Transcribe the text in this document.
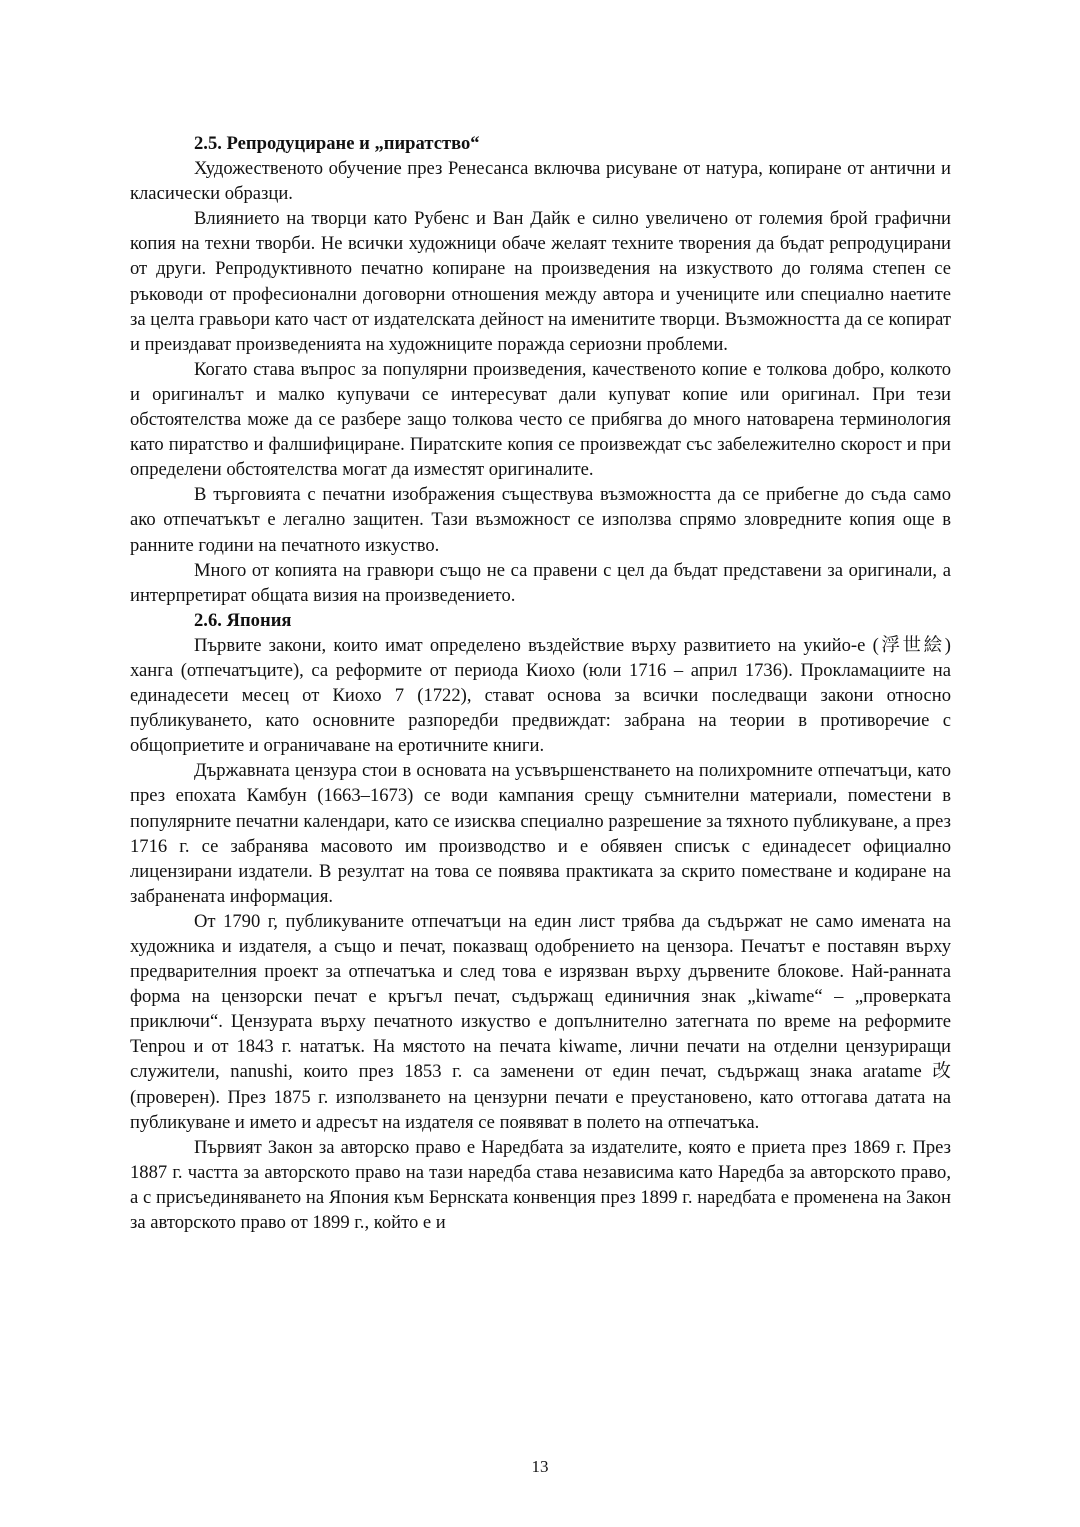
2.5. Репродуциране и „пиратство“

Художественото обучение през Ренесанса включва рисуване от натура, копиране от антични и класически образци.

Влиянието на творци като Рубенс и Ван Дайк е силно увеличено от големия брой графични копия на техни творби. Не всички художници обаче желаят техните творения да бъдат репродуцирани от други. Репродуктивното печатно копиране на произведения на изкуството до голяма степен се ръководи от професионални договорни отношения между автора и учениците или специално наетите за целта гравьори като част от издателската дейност на именитите творци. Възможността да се копират и преиздават произведенията на художниците поражда сериозни проблеми.

Когато става въпрос за популярни произведения, качественото копие е толкова добро, колкото и оригиналът и малко купувачи се интересуват дали купуват копие или оригинал. При тези обстоятелства може да се разбере защо толкова често се прибягва до много натоварена терминология като пиратство и фалшифициране. Пиратските копия се произвеждат със забележително скорост и при определени обстоятелства могат да изместят оригиналите.

В търговията с печатни изображения съществува възможността да се прибегне до съда само ако отпечатъкът е легално защитен. Тази възможност се използва спрямо зловредните копия още в ранните години на печатното изкуство.

Много от копията на гравюри също не са правени с цел да бъдат представени за оригинали, а интерпретират общата визия на произведението.

2.6. Япония

Първите закони, които имат определено въздействие върху развитието на укийо-е (浮世絵) ханга (отпечатъците), са реформите от периода Киохо (юли 1716 – април 1736). Прокламациите на единадесети месец от Киохо 7 (1722), стават основа за всички последващи закони относно публикуването, като основните разпоредби предвиждат: забрана на теории в противоречие с общоприетите и ограничаване на еротичните книги.

Държавната цензура стои в основата на усъвършенстването на полихромните отпечатъци, като през епохата Камбун (1663–1673) се води кампания срещу съмнителни материали, поместени в популярните печатни календари, като се изисква специално разрешение за тяхното публикуване, а през 1716 г. се забранява масовото им производство и е обявяен списък с единадесет официално лицензирани издатели. В резултат на това се появява практиката за скрито поместване и кодиране на забранената информация.

От 1790 г, публикуваните отпечатъци на един лист трябва да съдържат не само имената на художника и издателя, а също и печат, показващ одобрението на цензора. Печатът е поставян върху предварителния проект за отпечатъка и след това е изрязван върху дървените блокове. Най-ранната форма на цензорски печат е кръгъл печат, съдържащ единичния знак „kiwame“ – „проверката приключи“. Цензурата върху печатното изкуство е допълнително затегната по време на реформите Tenpou и от 1843 г. нататък. На мястото на печата kiwame, лични печати на отделни цензуриращи служители, nanushi, които през 1853 г. са заменени от един печат, съдържащ знака aratame 改(проверен). През 1875 г. използването на цензурни печати е преустановено, като оттогава датата на публикуване и името и адресът на издателя се появяват в полето на отпечатъка.

Първият Закон за авторско право е Наредбата за издателите, която е приета през 1869 г. През 1887 г. частта за авторското право на тази наредба става независима като Наредба за авторското право, а с присъединяването на Япония към Бернската конвенция през 1899 г. наредбата е променена на Закон за авторското право от 1899 г., който е и

13
